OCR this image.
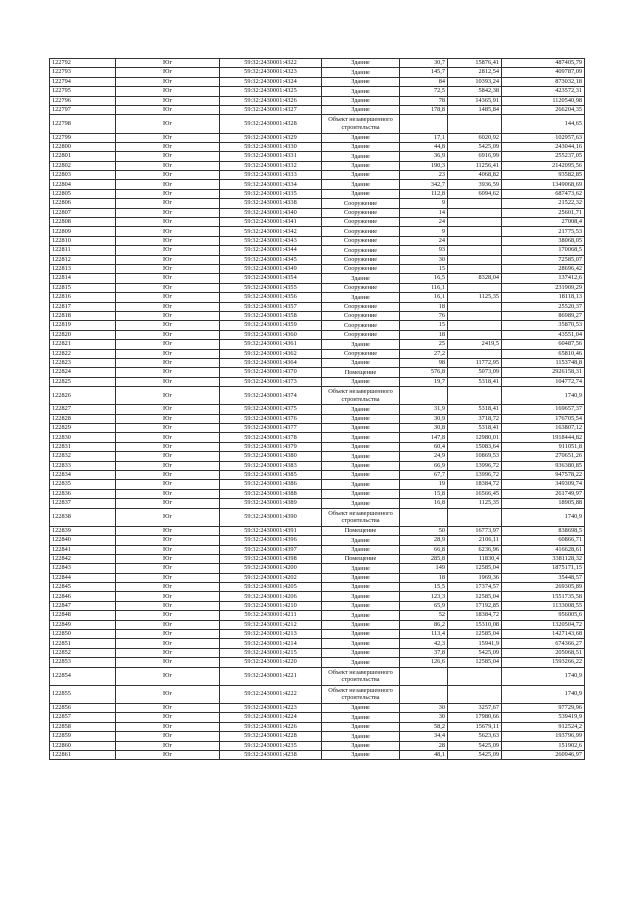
122792	Юг	59:32:2430001:4322	Здание	30,7	15876,41	487405,79
122793	Юг	59:32:2430001:4323	Здание	145,7	2812,54	409787,09
122794	Юг	59:32:2430001:4324	Здание	84	10393,24	873032,18
122795	Юг	59:32:2430001:4325	Здание	72,5	5842,38	423572,31
122796	Юг	59:32:2430001:4326	Здание	78	14365,91	1120540,98
122797	Юг	59:32:2430001:4327	Здание	178,8	1485,84	266204,35
122798	Юг	59:32:2430001:4328	Объект незавершенного строительства			144,65
122799	Юг	59:32:2430001:4329	Здание	17,1	6020,92	102957,63
122800	Юг	59:32:2430001:4330	Здание	44,8	5425,09	243044,16
122801	Юг	59:32:2430001:4331	Здание	36,9	6916,99	255237,05
122802	Юг	59:32:2430001:4332	Здание	190,3	11256,41	2142095,56
122803	Юг	59:32:2430001:4333	Здание	23	4068,82	93582,85
122804	Юг	59:32:2430001:4334	Здание	342,7	3936,59	1349068,69
122805	Юг	59:32:2430001:4335	Здание	112,8	6094,62	687473,62
122806	Юг	59:32:2430001:4338	Сооружение	9		21522,32
122807	Юг	59:32:2430001:4340	Сооружение	14		25601,71
122808	Юг	59:32:2430001:4341	Сооружение	24		27008,4
122809	Юг	59:32:2430001:4342	Сооружение	9		21775,53
122810	Юг	59:32:2430001:4343	Сооружение	24		38068,05
122811	Юг	59:32:2430001:4344	Сооружение	93		170068,5
122812	Юг	59:32:2430001:4345	Сооружение	30		72585,07
122813	Юг	59:32:2430001:4349	Сооружение	15		28696,42
122814	Юг	59:32:2430001:4354	Здание	16,5	8328,04	137412,6
122815	Юг	59:32:2430001:4355	Сооружение	116,1		231909,29
122816	Юг	59:32:2430001:4356	Здание	16,1	1125,35	18118,13
122817	Юг	59:32:2430001:4357	Сооружение	18		25520,37
122818	Юг	59:32:2430001:4358	Сооружение	76		86989,27
122819	Юг	59:32:2430001:4359	Сооружение	15		35870,53
122820	Юг	59:32:2430001:4360	Сооружение	18		43551,04
122821	Юг	59:32:2430001:4361	Здание	25	2419,5	60487,56
122822	Юг	59:32:2430001:4362	Сооружение	27,2		65810,46
122823	Юг	59:32:2430001:4364	Здание	98	11772,95	1153748,8
122824	Юг	59:32:2430001:4370	Помещение	576,8	5073,09	2926158,31
122825	Юг	59:32:2430001:4373	Здание	19,7	5318,41	104772,74
122826	Юг	59:32:2430001:4374	Объект незавершенного строительства			1740,9
122827	Юг	59:32:2430001:4375	Здание	31,9	5318,41	169657,37
122828	Юг	59:32:2430001:4376	Здание	30,9	3718,72	176705,54
122829	Юг	59:32:2430001:4377	Здание	30,8	5318,41	163807,12
122830	Юг	59:32:2430001:4378	Здание	147,8	12980,01	1918444,82
122831	Юг	59:32:2430001:4379	Здание	60,4	15083,64	911051,8
122832	Юг	59:32:2430001:4380	Здание	24,9	10869,53	270651,26
122833	Юг	59:32:2430001:4383	Здание	66,9	13996,72	936380,85
122834	Юг	59:32:2430001:4385	Здание	67,7	13996,72	947578,22
122835	Юг	59:32:2430001:4386	Здание	19	18384,72	349309,74
122836	Юг	59:32:2430001:4388	Здание	15,8	16566,45	261749,97
122837	Юг	59:32:2430001:4389	Здание	16,8	1125,35	18905,88
122838	Юг	59:32:2430001:4390	Объект незавершенного строительства			1740,9
122839	Юг	59:32:2430001:4391	Помещение	50	16773,97	838698,5
122840	Юг	59:32:2430001:4396	Здание	28,9	2106,11	60866,71
122841	Юг	59:32:2430001:4397	Здание	66,8	6236,96	416628,61
122842	Юг	59:32:2430001:4398	Помещение	285,8	11830,4	3381128,32
122843	Юг	59:32:2430001:4200	Здание	149	12585,04	1875171,15
122844	Юг	59:32:2430001:4202	Здание	18	1969,36	35448,57
122845	Юг	59:32:2430001:4205	Здание	15,5	17374,57	269305,89
122846	Юг	59:32:2430001:4206	Здание	123,3	12585,04	1551735,58
122847	Юг	59:32:2430001:4210	Здание	65,9	17192,85	1133008,55
122848	Юг	59:32:2430001:4211	Здание	52	18384,72	956005,6
122849	Юг	59:32:2430001:4212	Здание	86,2	15310,08	1320504,72
122850	Юг	59:32:2430001:4213	Здание	113,4	12585,04	1427143,68
122851	Юг	59:32:2430001:4214	Здание	42,3	15941,9	674366,27
122852	Юг	59:32:2430001:4215	Здание	37,8	5425,09	205068,51
122853	Юг	59:32:2430001:4220	Здание	126,6	12585,04	1593266,22
122854	Юг	59:32:2430001:4221	Объект незавершенного строительства			1740,9
122855	Юг	59:32:2430001:4222	Объект незавершенного строительства			1740,9
122856	Юг	59:32:2430001:4223	Здание	30	3257,67	97729,96
122857	Юг	59:32:2430001:4224	Здание	30	17980,66	539419,9
122858	Юг	59:32:2430001:4226	Здание	58,2	15679,11	912524,2
122859	Юг	59:32:2430001:4228	Здание	34,4	5623,63	193796,99
122860	Юг	59:32:2430001:4235	Здание	28	5425,09	151902,6
122861	Юг	59:32:2430001:4238	Здание	48,1	5425,09	260946,97
